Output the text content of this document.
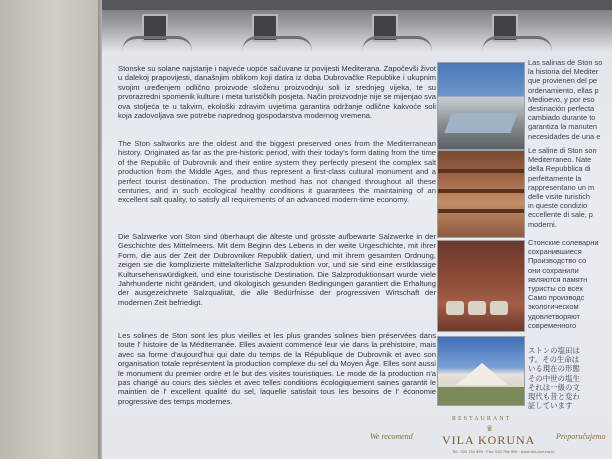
Stonske su solane najstarije i najveće uopće sačuvane iz povijesti Mediterana. Započevši život u dalekoj prapovijesti, današnjim oblikom koji datira iz doba Dubrovačke Republike i ukupnim svojim uređenjem odlično proizvode složenu proizvodnju soli iz srednjeg vijeka, te su prvorazredni spomenik kulture i meta turističkih posjeta. Način proizvodnje nije se mijenjao sva ova stoljeća te u takvim, ekološki zdravim uvjetima garantira održanje odlične kakvoće soli koja zadovoljava sve potrebe naprednog gospodarstva modernog vremena.

The Ston saltworks are the oldest and the biggest preserved ones from the Mediterranean history. Originated as far as the pre-historic period, with their today's form dating from the time of the Republic of Dubrovnik and their entire system they perfectly present the complex salt production from the Middle Ages, and thus represent a first-class cultural monument and a perfect tourist destination. The production method has not changed throughout all these centuries, and in such ecological healthy conditions it guarantees the maintaining of an excellent salt quality, to satisfy all requirements of an advanced modern-time economy.

Die Salzwerke von Ston sind überhaupt die älteste und grösste aufbewarte Salzwerke in der Geschichte des Mittelmeers. Mit dem Beginn des Lebens in der weite Urgeschichte, mit ihrer Form, die aus der Zeit der Dubrovniker Republik datiert, und mit ihrem gesamten Ordnung, zeigen sie die komplizierte mittelalterliche Salzproduktion vor, und sie sind eine erstklassige Kultursehenswürdigkeit, und eine touristische Destination. Die Salzproduktionsart wurde viele Jahrhunderte nicht geändert, und ökologisch gesunden Bedingungen garantiert die Erhaltung der ausgezeichnete Salzqualität, die alle Bedürfnisse der progressiven Wirtschaft der modernen Zeit befriedigt.

Les solines de Ston sont les plus vieilles et les plus grandes solines bien préservées dans toute l' histoire de la Méditerranée. Elles avaient commencé leur vie dans la préhistoire, mais avec sa forme d'aujourd'hui qui date du temps de la République de Dubrovnik et avec son organisation totale représentent la production complexe du sel du Moyen Âge. Elles sont aussi le monument du premier ordre et le but des visites touristiques. Le mode de la production n'a pas changé au cours des siècles et avec telles conditions écologiquement saines garantit le maintien de l' excellent qualité du sel, laquelle satisfait tous les besoins de l' économie progressive des temps modernes.

Las salinas de Ston so
la historia del Mediter
que provienen del pe
ordenamiento, ellas p
Medioevo, y por eso
destinación perfecta
cambiado durante to
garantiza la manuten
necesidades de una e
Le saline di Ston son
Mediterraneo. Nate
della Repubblica di
perfettamente la
rappresentano un m
delle visite turistich
in queste condizio
eccellente di sale, p
moderni.
Стонские солеварни
сохранившиеся
Производство со
они сохранили
являются памятн
туристы со всех
Само производс
экологическом
удовлетворяют
современного
ストンの塩田は
す。その生命は
いる現在の形態
その中世の塩生
それは一級の文
現代も昔と変わ
証しています
We recomend
RESTAURANT
♛
VILA KORUNA	Preporučujemo
Tel.: 020 754 999 · Fax: 020 754 999 · www.vila-koruna.hr
